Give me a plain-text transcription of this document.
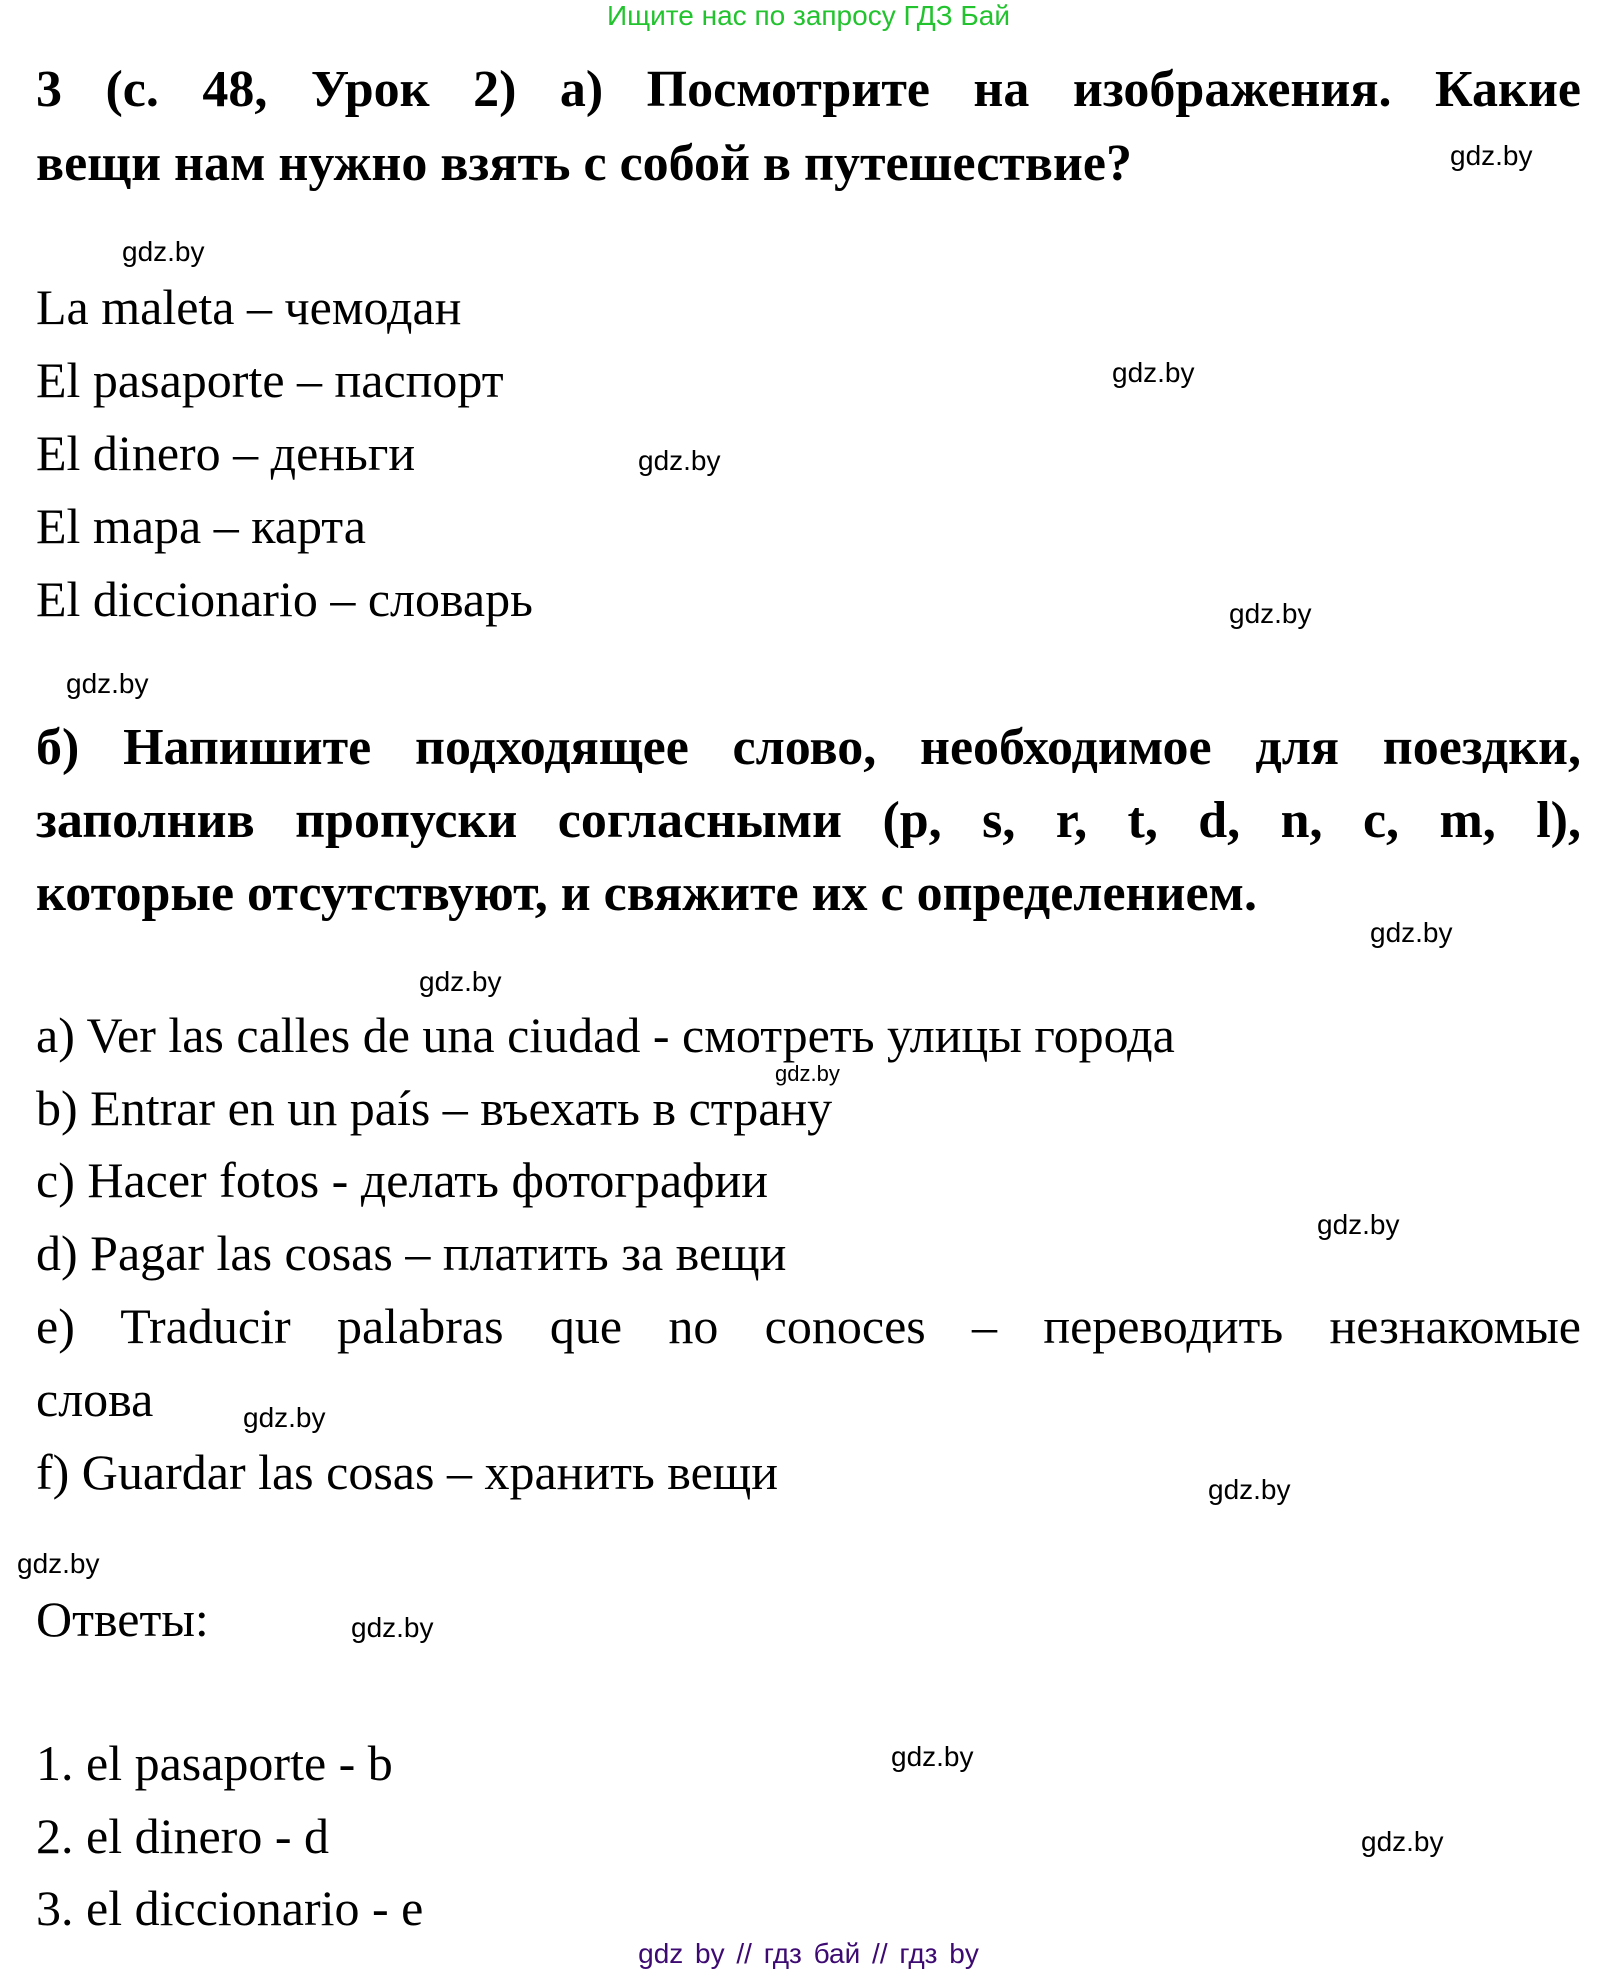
Ищите нас по запросу ГДЗ Бай
3 (с. 48, Урок 2) а) Посмотрите на изображения. Какие
вещи нам нужно взять с собой в путешествие?	gdz.by
gdz.by
La maleta – чемодан
El pasaporte – паспорт	gdz.by
El dinero – деньги	gdz.by
El mapa – карта
El diccionario – словарь	gdz.by
gdz.by
б) Напишите подходящее слово, необходимое для поездки,
заполнив пропуски согласными (p, s, r, t, d, n, c, m, l),
которые отсутствуют, и свяжите их с определением.
gdz.by
gdz.by
a) Ver las calles de una ciudad - смотреть улицы города
gdz.by
b) Entrar en un país – въехать в страну
c) Hacer fotos - делать фотографии
gdz.by
d) Pagar las cosas – платить за вещи
e) Traducir palabras que no conoces – переводить незнакомые
слова	gdz.by
f) Guardar las cosas – хранить вещи	gdz.by
gdz.by
Ответы:	gdz.by
1. el pasaporte - b	gdz.by
2. el dinero - d	gdz.by
3. el diccionario - e
gdz by // гдз бай // гдз by
